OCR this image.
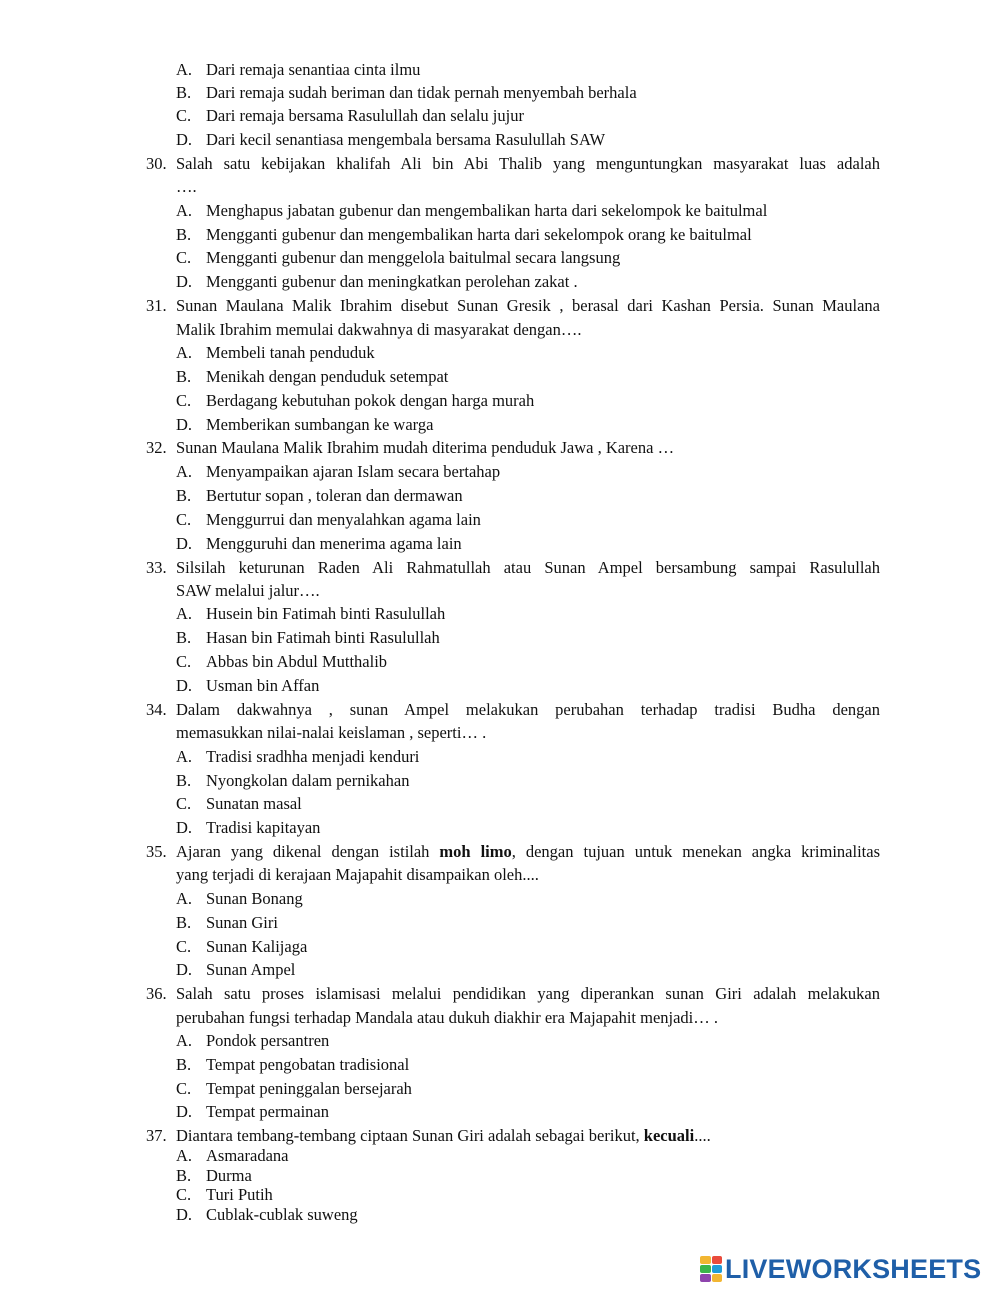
A. Dari remaja senantiaa cinta ilmu
B. Dari remaja sudah beriman dan tidak pernah menyembah berhala
C. Dari remaja bersama Rasulullah dan selalu jujur
D. Dari kecil senantiasa mengembala bersama Rasulullah SAW
30. Salah satu kebijakan khalifah Ali bin Abi Thalib yang menguntungkan masyarakat luas adalah
….
A. Menghapus jabatan gubenur dan mengembalikan harta dari sekelompok ke baitulmal
B. Mengganti gubenur dan mengembalikan harta dari sekelompok orang ke baitulmal
C. Mengganti gubenur dan menggelola baitulmal secara langsung
D. Mengganti gubenur dan meningkatkan perolehan zakat .
31. Sunan Maulana Malik Ibrahim disebut Sunan Gresik , berasal dari Kashan Persia. Sunan Maulana
Malik Ibrahim memulai dakwahnya di masyarakat dengan….
A. Membeli tanah penduduk
B. Menikah dengan penduduk setempat
C. Berdagang kebutuhan pokok dengan harga murah
D. Memberikan sumbangan ke warga
32. Sunan Maulana Malik Ibrahim mudah diterima penduduk Jawa , Karena …
A. Menyampaikan ajaran Islam secara bertahap
B. Bertutur sopan , toleran dan dermawan
C. Menggurrui dan menyalahkan agama lain
D. Mengguruhi dan menerima agama lain
33. Silsilah keturunan Raden Ali Rahmatullah atau Sunan Ampel bersambung sampai Rasulullah
SAW melalui jalur….
A. Husein bin Fatimah binti Rasulullah
B. Hasan bin Fatimah binti Rasulullah
C. Abbas bin Abdul Mutthalib
D. Usman bin Affan
34. Dalam dakwahnya , sunan Ampel melakukan perubahan terhadap tradisi Budha dengan
memasukkan nilai-nalai keislaman , seperti… .
A. Tradisi sradhha menjadi kenduri
B. Nyongkolan dalam pernikahan
C. Sunatan masal
D. Tradisi kapitayan
35. Ajaran yang dikenal dengan istilah moh limo, dengan tujuan untuk menekan angka kriminalitas
yang terjadi di kerajaan Majapahit disampaikan oleh....
A. Sunan Bonang
B. Sunan Giri
C. Sunan Kalijaga
D. Sunan Ampel
36. Salah satu proses islamisasi melalui pendidikan yang diperankan sunan Giri adalah melakukan
perubahan fungsi terhadap Mandala atau dukuh diakhir era Majapahit menjadi… .
A. Pondok persantren
B. Tempat pengobatan tradisional
C. Tempat peninggalan bersejarah
D. Tempat permainan
37. Diantara tembang-tembang ciptaan Sunan Giri adalah sebagai berikut, kecuali....
A. Asmaradana
B. Durma
C. Turi Putih
D. Cublak-cublak suweng
LIVEWORKSHEETS
